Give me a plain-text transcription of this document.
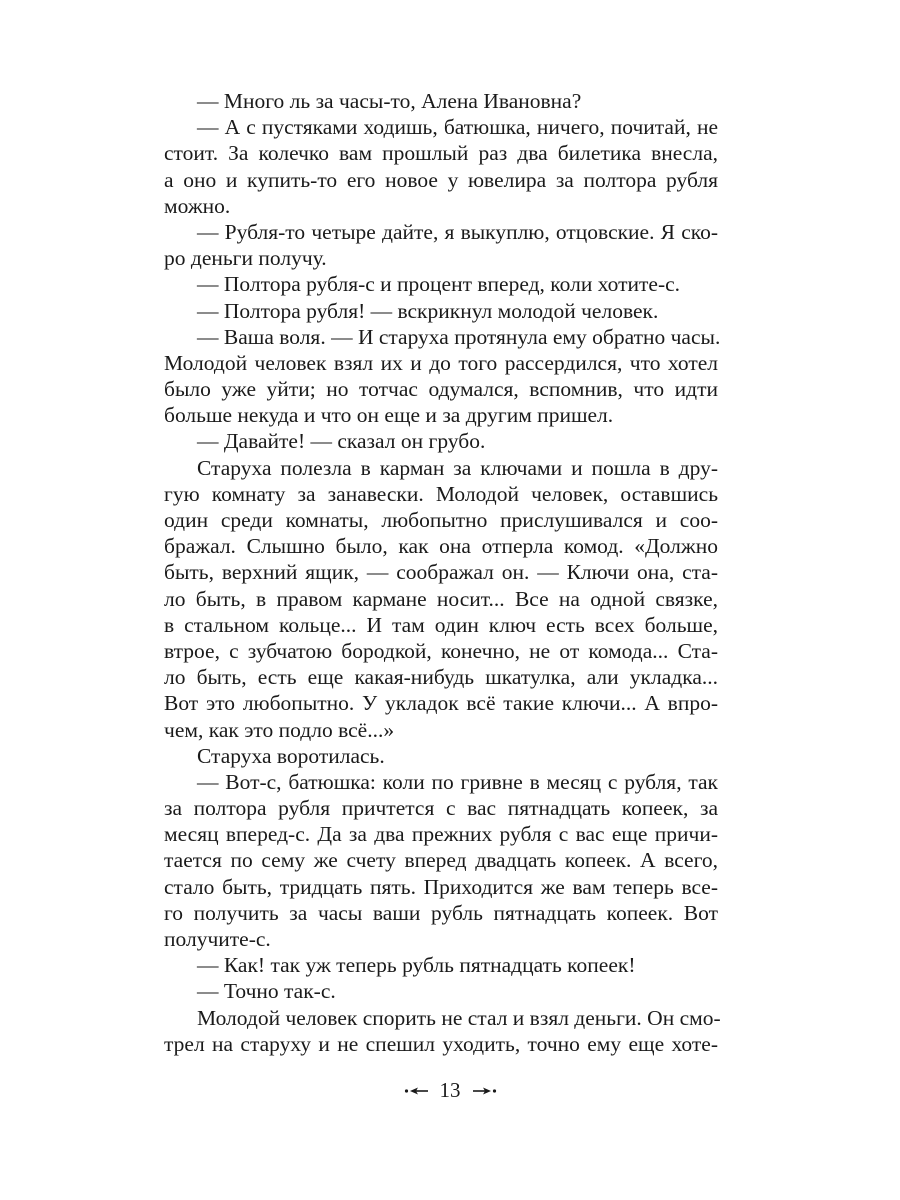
— Много ль за часы-то, Алена Ивановна?
— А с пустяками ходишь, батюшка, ничего, почитай, не
стоит. За колечко вам прошлый раз два билетика внесла,
а оно и купить-то его новое у ювелира за полтора рубля
можно.
— Рубля-то четыре дайте, я выкуплю, отцовские. Я ско-
ро деньги получу.
— Полтора рубля-с и процент вперед, коли хотите-с.
— Полтора рубля! — вскрикнул молодой человек.
— Ваша воля. — И старуха протянула ему обратно часы.
Молодой человек взял их и до того рассердился, что хотел
было уже уйти; но тотчас одумался, вспомнив, что идти
больше некуда и что он еще и за другим пришел.
— Давайте! — сказал он грубо.
Старуха полезла в карман за ключами и пошла в дру-
гую комнату за занавески. Молодой человек, оставшись
один среди комнаты, любопытно прислушивался и соо-
бражал. Слышно было, как она отперла комод. «Должно
быть, верхний ящик, — соображал он. — Ключи она, ста-
ло быть, в правом кармане носит... Все на одной связке,
в стальном кольце... И там один ключ есть всех больше,
втрое, с зубчатою бородкой, конечно, не от комода... Ста-
ло быть, есть еще какая-нибудь шкатулка, али укладка...
Вот это любопытно. У укладок всё такие ключи... А впро-
чем, как это подло всё...»
Старуха воротилась.
— Вот-с, батюшка: коли по гривне в месяц с рубля, так
за полтора рубля причтется с вас пятнадцать копеек, за
месяц вперед-с. Да за два прежних рубля с вас еще причи-
тается по сему же счету вперед двадцать копеек. А всего,
стало быть, тридцать пять. Приходится же вам теперь все-
го получить за часы ваши рубль пятнадцать копеек. Вот
получите-с.
— Как! так уж теперь рубль пятнадцать копеек!
— Точно так-с.
Молодой человек спорить не стал и взял деньги. Он смо-
трел на старуху и не спешил уходить, точно ему еще хоте-
13
